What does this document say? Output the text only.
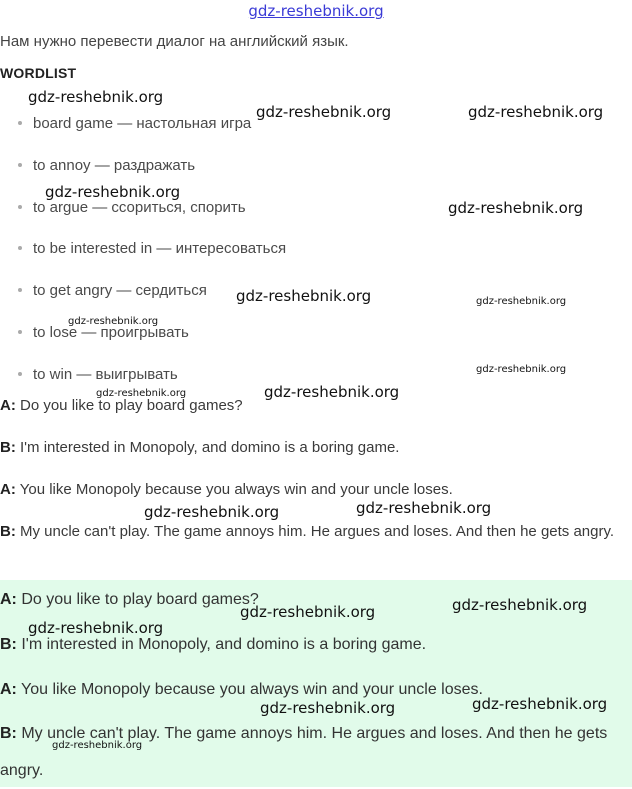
gdz-reshebnik.org
Нам нужно перевести диалог на английский язык.
WORDLIST
board game — настольная игра
to annoy — раздражать
to argue — ссориться, спорить
to be interested in — интересоваться
to get angry — сердиться
to lose — проигрывать
to win — выигрывать
A: Do you like to play board games?
B: I'm interested in Monopoly, and domino is a boring game.
A: You like Monopoly because you always win and your uncle loses.
B: My uncle can't play. The game annoys him. He argues and loses. And then he gets angry.
A: Do you like to play board games?
B: I'm interested in Monopoly, and domino is a boring game.
A: You like Monopoly because you always win and your uncle loses.
B: My uncle can't play. The game annoys him. He argues and loses. And then he gets angry.
gdz-reshebnik.org
gdz-reshebnik.org	gdz-reshebnik.org
gdz-reshebnik.org
gdz-reshebnik.org
gdz-reshebnik.org	gdz-reshebnik.org
gdz-reshebnik.org
gdz-reshebnik.org
gdz-reshebnik.org	gdz-reshebnik.org
gdz-reshebnik.org	gdz-reshebnik.org
gdz-reshebnik.org	gdz-reshebnik.org
gdz-reshebnik.org
gdz-reshebnik.org	gdz-reshebnik.org
gdz-reshebnik.org
